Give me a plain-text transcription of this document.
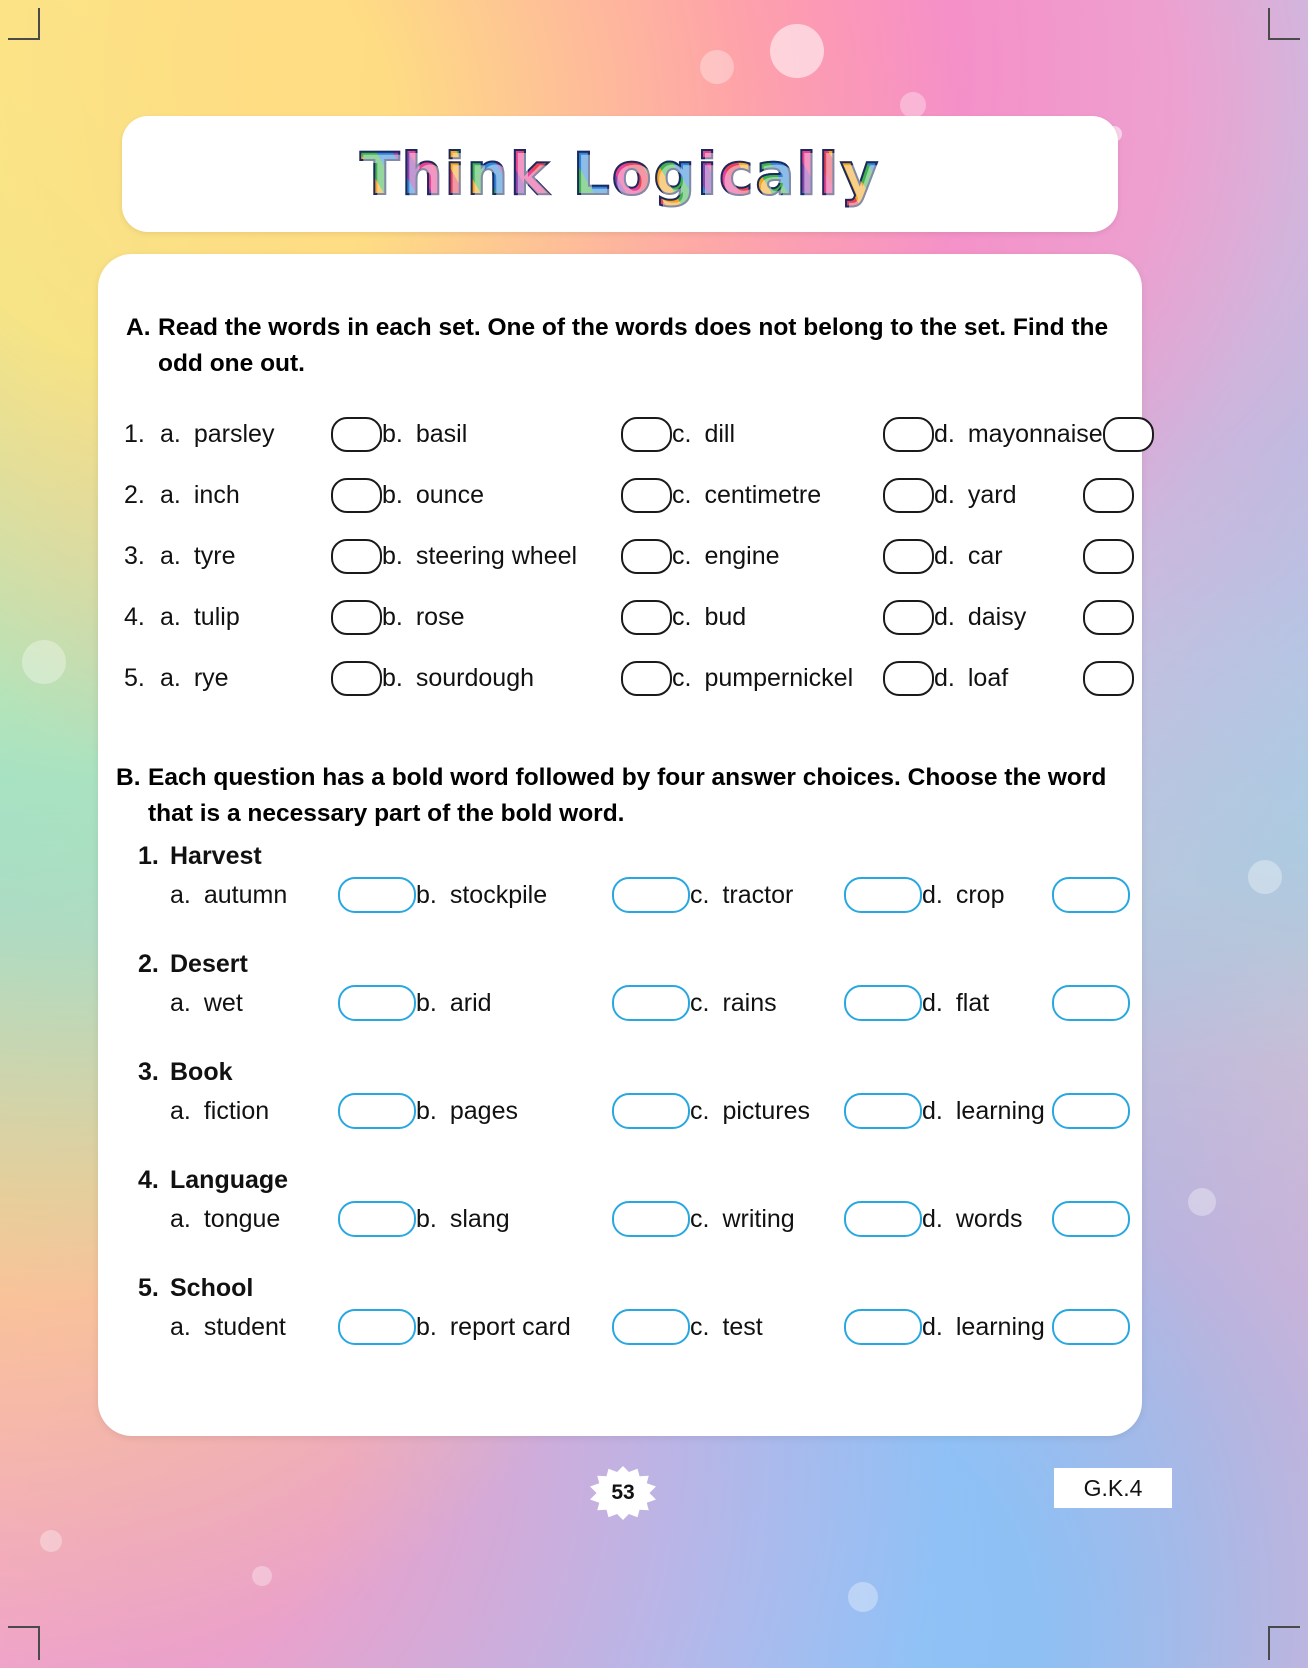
Think Logically
A. Read the words in each set. One of the words does not belong to the set. Find the odd one out.
1. a. parsley	b. basil	c. dill	d. mayonnaise
2. a. inch	b. ounce	c. centimetre	d. yard
3. a. tyre	b. steering wheel	c. engine	d. car
4. a. tulip	b. rose	c. bud	d. daisy
5. a. rye	b. sourdough	c. pumpernickel	d. loaf
B. Each question has a bold word followed by four answer choices. Choose the word that is a necessary part of the bold word.
1. Harvest
a. autumn	b. stockpile	c. tractor	d. crop
2. Desert
a. wet	b. arid	c. rains	d. flat
3. Book
a. fiction	b. pages	c. pictures	d. learning
4. Language
a. tongue	b. slang	c. writing	d. words
5. School
a. student	b. report card	c. test	d. learning
53	G.K.4
